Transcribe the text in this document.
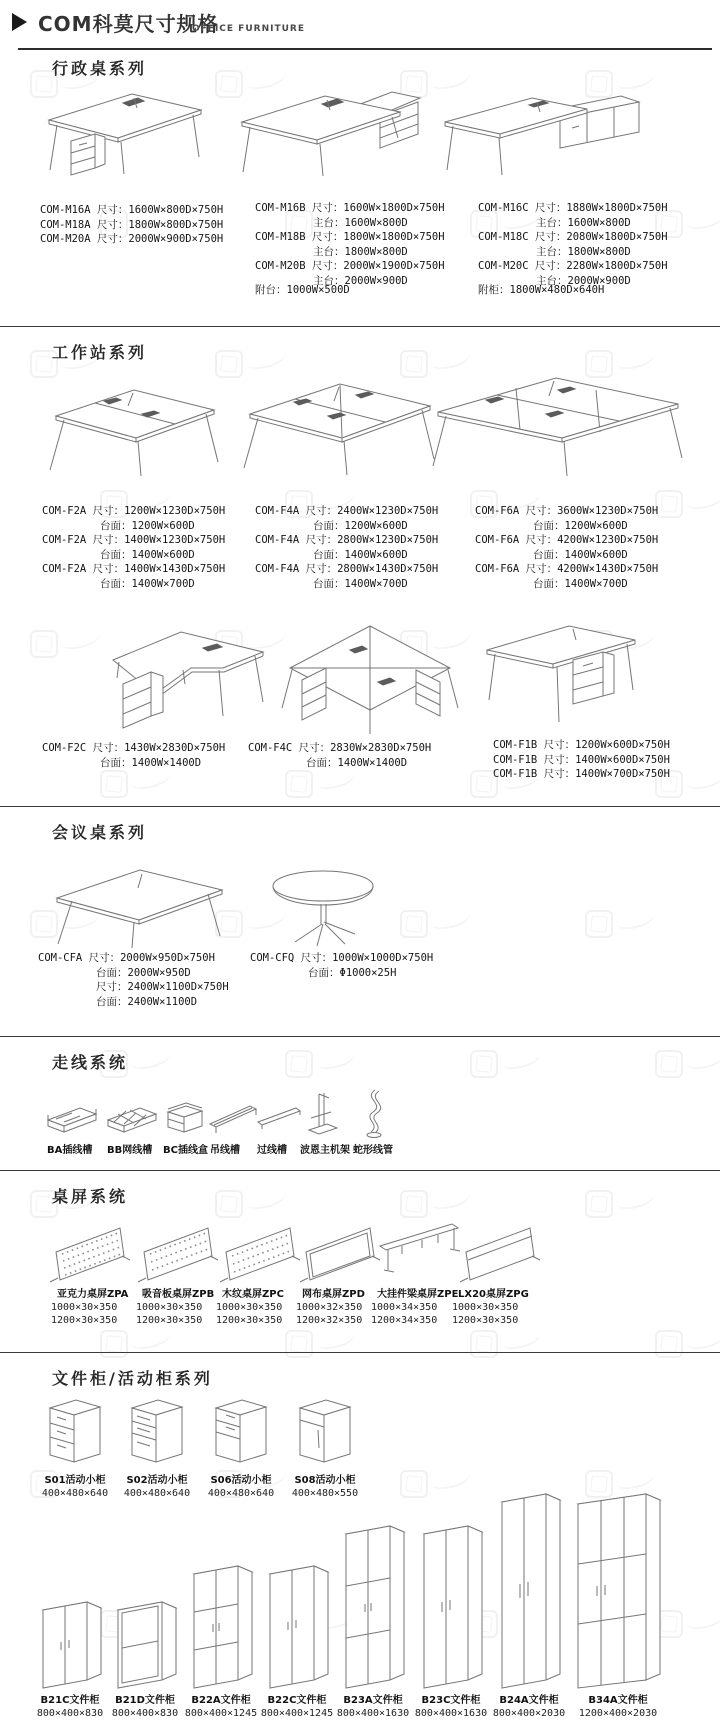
COM科莫尺寸规格
OFFICE FURNITURE
行政桌系列
COM-M16A 尺寸：1600W×800D×750H
COM-M18A 尺寸：1800W×800D×750H
COM-M20A 尺寸：2000W×900D×750H
COM-M16B 尺寸：1600W×1800D×750H
主台：1600W×800D
COM-M18B 尺寸：1800W×1800D×750H
主台：1800W×800D
COM-M20B 尺寸：2000W×1900D×750H
主台：2000W×900D
附台：1000W×500D
COM-M16C 尺寸：1880W×1800D×750H
主台：1600W×800D
COM-M18C 尺寸：2080W×1800D×750H
主台：1800W×800D
COM-M20C 尺寸：2280W×1800D×750H
主台：2000W×900D
附柜：1800W×480D×640H
工作站系列
COM-F2A 尺寸：1200W×1230D×750H
台面：1200W×600D
COM-F2A 尺寸：1400W×1230D×750H
台面：1400W×600D
COM-F2A 尺寸：1400W×1430D×750H
台面：1400W×700D
COM-F4A 尺寸：2400W×1230D×750H
台面：1200W×600D
COM-F4A 尺寸：2800W×1230D×750H
台面：1400W×600D
COM-F4A 尺寸：2800W×1430D×750H
台面：1400W×700D
COM-F6A 尺寸：3600W×1230D×750H
台面：1200W×600D
COM-F6A 尺寸：4200W×1230D×750H
台面：1400W×600D
COM-F6A 尺寸：4200W×1430D×750H
台面：1400W×700D
COM-F2C 尺寸：1430W×2830D×750H
台面：1400W×1400D
COM-F4C 尺寸：2830W×2830D×750H
台面：1400W×1400D
COM-F1B 尺寸：1200W×600D×750H
COM-F1B 尺寸：1400W×600D×750H
COM-F1B 尺寸：1400W×700D×750H
会议桌系列
COM-CFA 尺寸：2000W×950D×750H
台面：2000W×950D
尺寸：2400W×1100D×750H
台面：2400W×1100D
COM-CFQ 尺寸：1000W×1000D×750H
台面：Φ1000×25H
走线系统
BA插线槽 BB网线槽 BC插线盒 吊线槽 过线槽 波恩主机架 蛇形线管
桌屏系统
亚克力桌屏ZPA
1000×30×350
1200×30×350
吸音板桌屏ZPB
1000×30×350
1200×30×350
木纹桌屏ZPC
1000×30×350
1200×30×350
网布桌屏ZPD
1000×32×350
1200×32×350
大挂件梁桌屏ZPE
1000×34×350
1200×34×350
LX20桌屏ZPG
1000×30×350
1200×30×350
文件柜/活动柜系列
S01活动小柜
400×480×640
S02活动小柜
400×480×640
S06活动小柜
400×480×640
S08活动小柜
400×480×550
B21C文件柜
800×400×830
B21D文件柜
800×400×830
B22A文件柜
800×400×1245
B22C文件柜
800×400×1245
B23A文件柜
800×400×1630
B23C文件柜
800×400×1630
B24A文件柜
800×400×2030
B34A文件柜
1200×400×2030
